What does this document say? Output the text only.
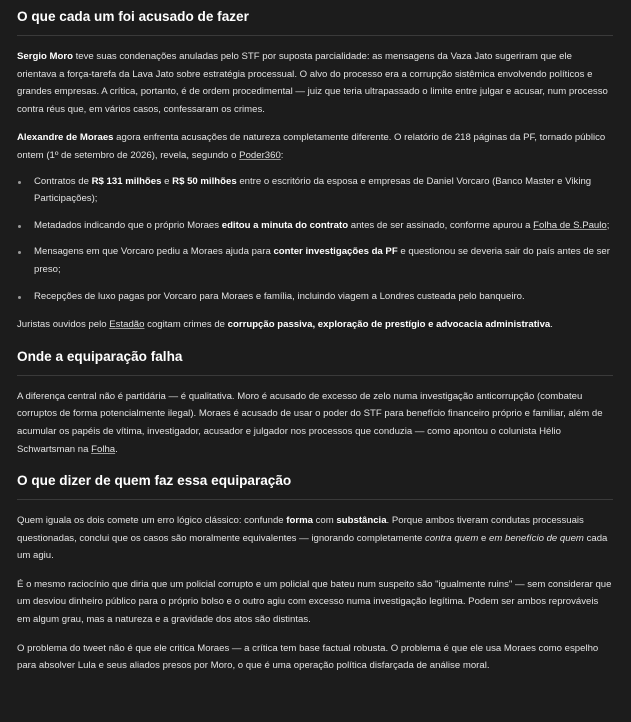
O que cada um foi acusado de fazer

Sergio Moro teve suas condenações anuladas pelo STF por suposta parcialidade: as mensagens da Vaza Jato sugeriram que ele orientava a força-tarefa da Lava Jato sobre estratégia processual. O alvo do processo era a corrupção sistêmica envolvendo políticos e grandes empresas. A crítica, portanto, é de ordem procedimental — juiz que teria ultrapassado o limite entre julgar e acusar, num processo contra réus que, em vários casos, confessaram os crimes.

Alexandre de Moraes agora enfrenta acusações de natureza completamente diferente. O relatório de 218 páginas da PF, tornado público ontem (1º de setembro de 2026), revela, segundo o Poder360:

Contratos de R$ 131 milhões e R$ 50 milhões entre o escritório da esposa e empresas de Daniel Vorcaro (Banco Master e Viking Participações);
Metadados indicando que o próprio Moraes editou a minuta do contrato antes de ser assinado, conforme apurou a Folha de S.Paulo;
Mensagens em que Vorcaro pediu a Moraes ajuda para conter investigações da PF e questionou se deveria sair do país antes de ser preso;
Recepções de luxo pagas por Vorcaro para Moraes e família, incluindo viagem a Londres custeada pelo banqueiro.

Juristas ouvidos pelo Estadão cogitam crimes de corrupção passiva, exploração de prestígio e advocacia administrativa.

Onde a equiparação falha

A diferença central não é partidária — é qualitativa. Moro é acusado de excesso de zelo numa investigação anticorrupção (combateu corruptos de forma potencialmente ilegal). Moraes é acusado de usar o poder do STF para benefício financeiro próprio e familiar, além de acumular os papéis de vítima, investigador, acusador e julgador nos processos que conduzia — como apontou o colunista Hélio Schwartsman na Folha.

O que dizer de quem faz essa equiparação

Quem iguala os dois comete um erro lógico clássico: confunde forma com substância. Porque ambos tiveram condutas processuais questionadas, conclui que os casos são moralmente equivalentes — ignorando completamente contra quem e em benefício de quem cada um agiu.

É o mesmo raciocínio que diria que um policial corrupto e um policial que bateu num suspeito são "igualmente ruins" — sem considerar que um desviou dinheiro público para o próprio bolso e o outro agiu com excesso numa investigação legítima. Podem ser ambos reprováveis em algum grau, mas a natureza e a gravidade dos atos são distintas.

O problema do tweet não é que ele critica Moraes — a crítica tem base factual robusta. O problema é que ele usa Moraes como espelho para absolver Lula e seus aliados presos por Moro, o que é uma operação política disfarçada de análise moral.
